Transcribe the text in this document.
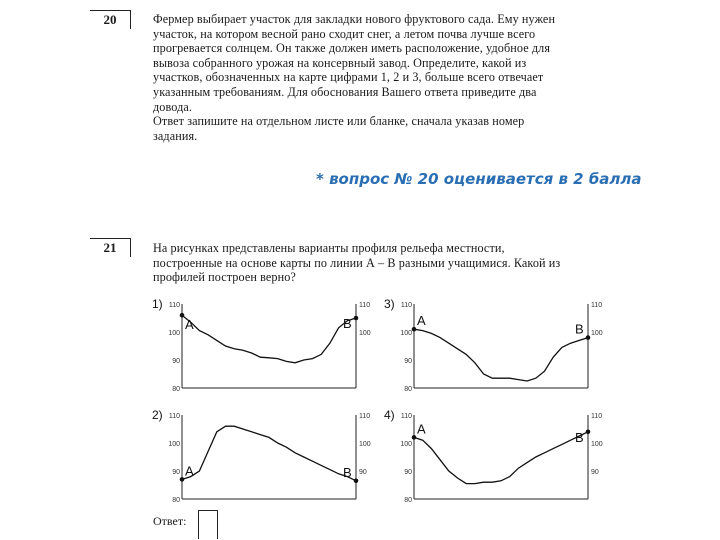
20	Фермер выбирает участок для закладки нового фруктового сада. Ему нужен
участок, на котором весной рано сходит снег, а летом почва лучше всего
прогревается солнцем. Он также должен иметь расположение, удобное для
вывоза собранного урожая на консервный завод. Определите, какой из
участков, обозначенных на карте цифрами 1, 2 и 3, больше всего отвечает
указанным требованиям. Для обоснования Вашего ответа приведите два
довода.
Ответ запишите на отдельном листе или бланке, сначала указав номер
задания.
* вопрос № 20 оценивается в 2 балла
21	На рисунках представлены варианты профиля рельефа местности,
построенные на основе карты по линии А – В разными учащимися. Какой из
профилей построен верно?
1) 110
100
90
80
110
100
A	B
3) 110
100
90
80
110
100
A
B
2) 110
100
90
80
110
100
90
A	B
4) 110
100
90
80
110
100
90
A
B
Ответ:
